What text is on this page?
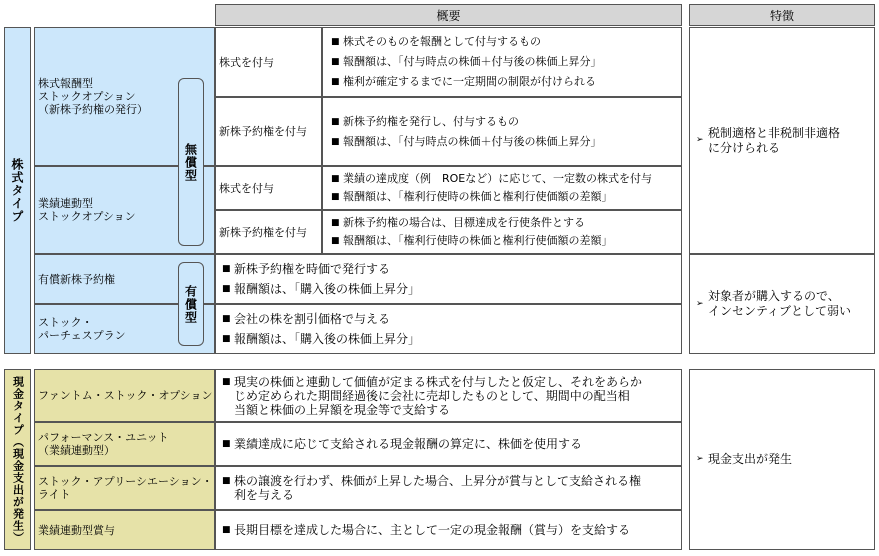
概要	特徴
株式タイプ
株式報酬型
ストックオプション
（新株予約権の発行）
業績連動型
ストックオプション
有償新株予約権
ストック・
パーチェスプラン
無償型
有償型
株式を付与
新株予約権を付与
株式を付与
新株予約権を付与
■ 株式そのものを報酬として付与するもの
■ 報酬額は、「付与時点の株価＋付与後の株価上昇分」
■ 権利が確定するまでに一定期間の制限が付けられる
■ 新株予約権を発行し、付与するもの
■ 報酬額は、「付与時点の株価＋付与後の株価上昇分」
■ 業績の達成度（例　ROEなど）に応じて、一定数の株式を付与
■ 報酬額は、「権利行使時の株価と権利行使価額の差額」
■ 新株予約権の場合は、目標達成を行使条件とする
■ 報酬額は、「権利行使時の株価と権利行使価額の差額」
■ 新株予約権を時価で発行する
■ 報酬額は、「購入後の株価上昇分」
■ 会社の株を割引価格で与える
■ 報酬額は、「購入後の株価上昇分」
➢
税制適格と非税制非適格
に分けられる
➢
対象者が購入するので、
インセンティブとして弱い
現金タイプ（現金支出が発生） ファントム・ストック・オプション
パフォーマンス・ユニット
（業績連動型）
ストック・アプリーシエーション・
ライト
業績連動型賞与
■ 現実の株価と連動して価値が定まる株式を付与したと仮定し、それをあらか
じめ定められた期間経過後に会社に売却したものとして、期間中の配当相
当額と株価の上昇額を現金等で支給する
■ 業績達成に応じて支給される現金報酬の算定に、株価を使用する
■ 株の譲渡を行わず、株価が上昇した場合、上昇分が賞与として支給される権
利を与える
■ 長期目標を達成した場合に、主として一定の現金報酬（賞与）を支給する
➢ 現金支出が発生
